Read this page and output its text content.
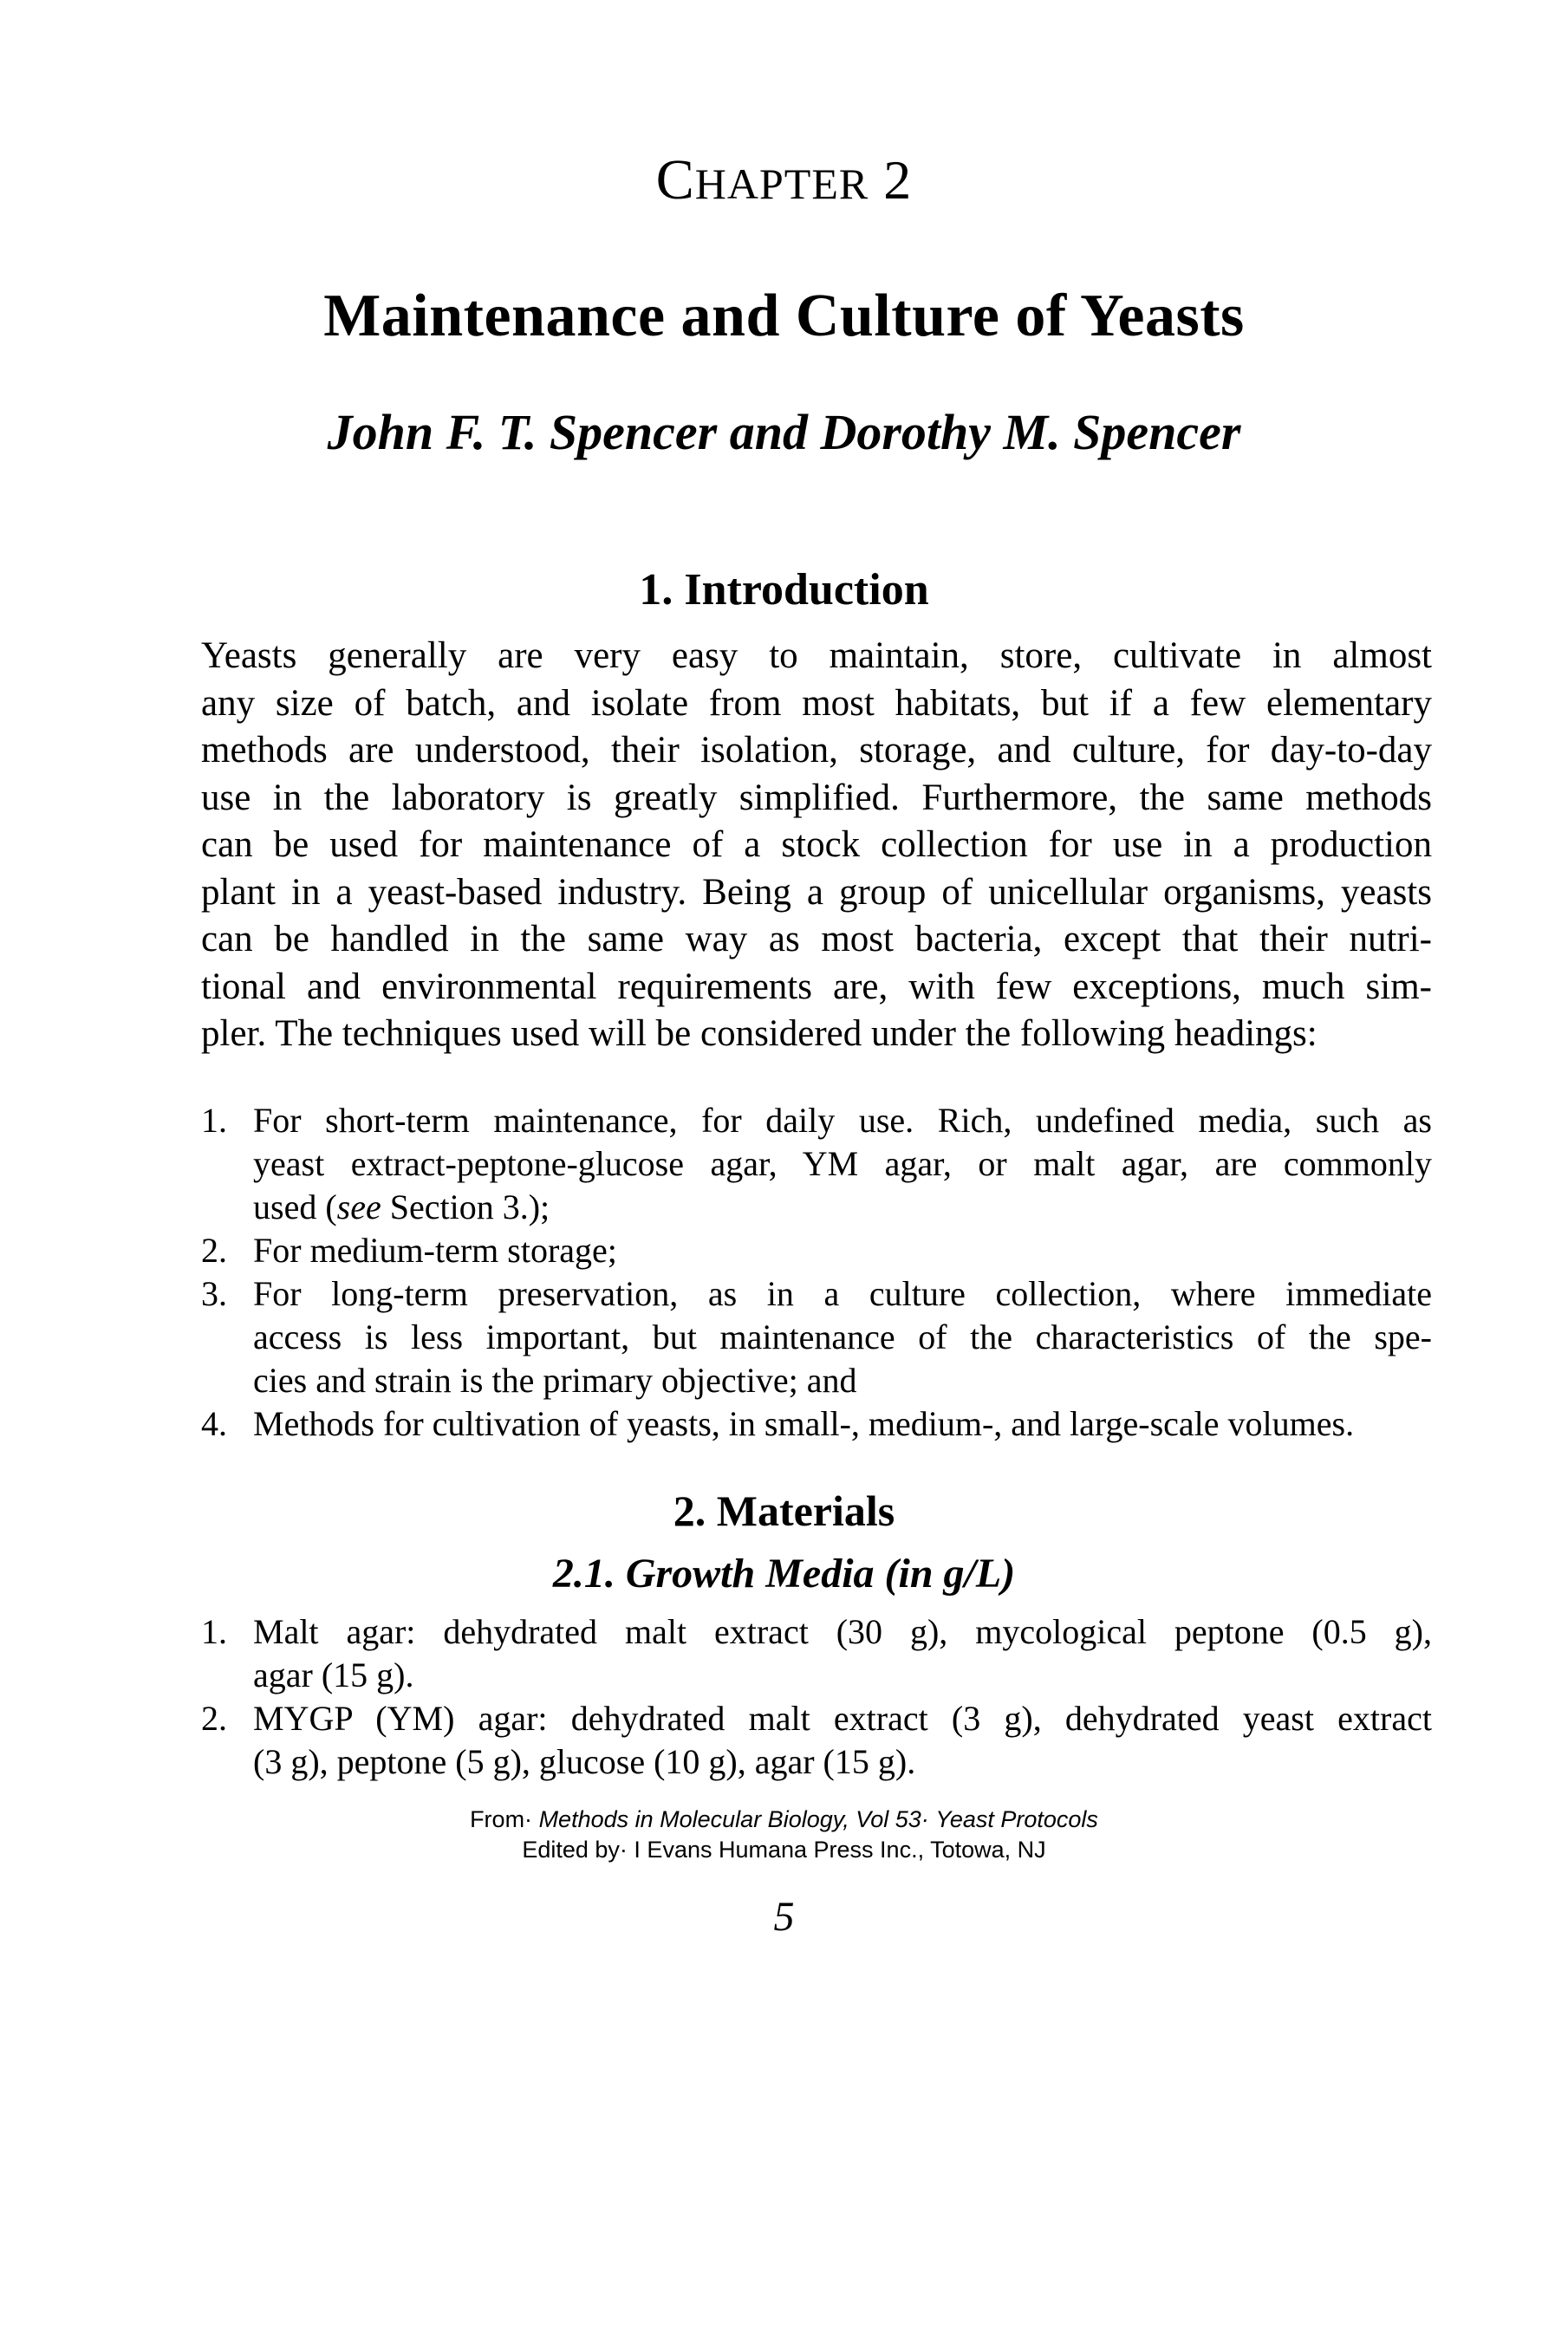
CHAPTER 2
Maintenance and Culture of Yeasts
John F. T. Spencer and Dorothy M. Spencer
1. Introduction
Yeasts generally are very easy to maintain, store, cultivate in almost
any size of batch, and isolate from most habitats, but if a few elementary
methods are understood, their isolation, storage, and culture, for day-to-day
use in the laboratory is greatly simplified. Furthermore, the same methods
can be used for maintenance of a stock collection for use in a production
plant in a yeast-based industry. Being a group of unicellular organisms, yeasts
can be handled in the same way as most bacteria, except that their nutri-
tional and environmental requirements are, with few exceptions, much sim-
pler. The techniques used will be considered under the following headings:
1. For short-term maintenance, for daily use. Rich, undefined media, such as
yeast extract-peptone-glucose agar, YM agar, or malt agar, are commonly
used (see Section 3.);
2. For medium-term storage;
3. For long-term preservation, as in a culture collection, where immediate
access is less important, but maintenance of the characteristics of the spe-
cies and strain is the primary objective; and
4. Methods for cultivation of yeasts, in small-, medium-, and large-scale volumes.
2. Materials
2.1. Growth Media (in g/L)
1. Malt agar: dehydrated malt extract (30 g), mycological peptone (0.5 g),
agar (15 g).
2. MYGP (YM) agar: dehydrated malt extract (3 g), dehydrated yeast extract
(3 g), peptone (5 g), glucose (10 g), agar (15 g).
From· Methods in Molecular Biology, Vol 53· Yeast Protocols
Edited by· I Evans Humana Press Inc., Totowa, NJ
5
